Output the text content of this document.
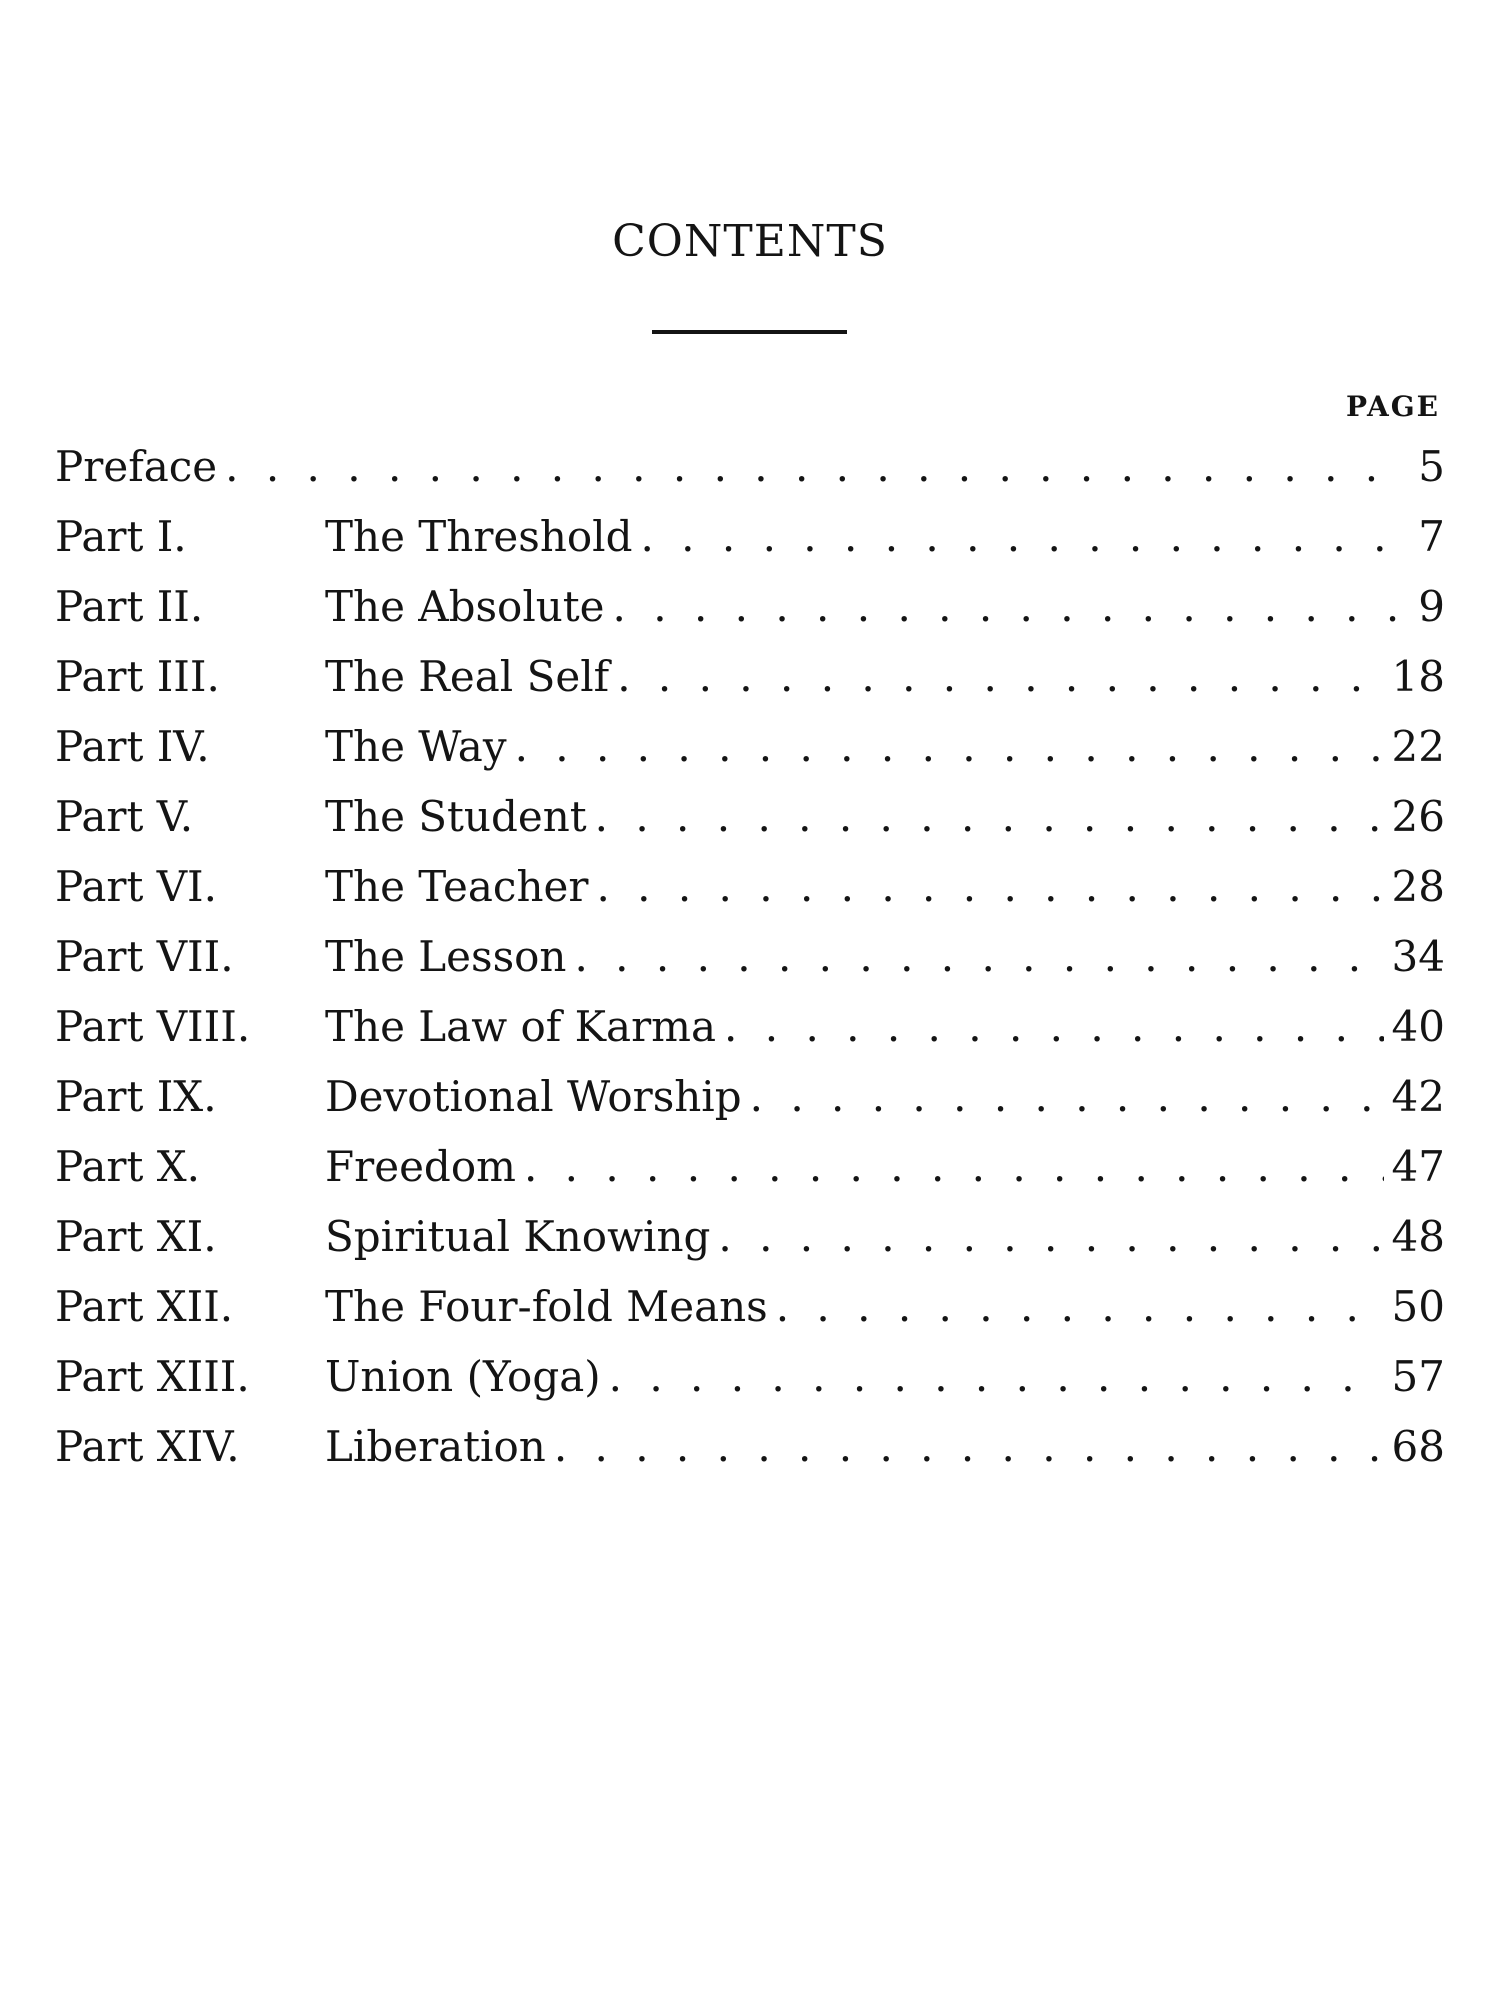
CONTENTS
PAGE
Preface . . .	5
Part I.	The Threshold . . .	7
Part II.	The Absolute . . .	9
Part III.	The Real Self . . .	18
Part IV.	The Way . . .	22
Part V.	The Student . . .	26
Part VI.	The Teacher . . .	28
Part VII.	The Lesson . . .	34
Part VIII.	The Law of Karma . . .	40
Part IX.	Devotional Worship . . .	42
Part X.	Freedom . . .	47
Part XI.	Spiritual Knowing . . .	48
Part XII.	The Four-fold Means . . .	50
Part XIII.	Union (Yoga) . . .	57
Part XIV.	Liberation . . .	68
